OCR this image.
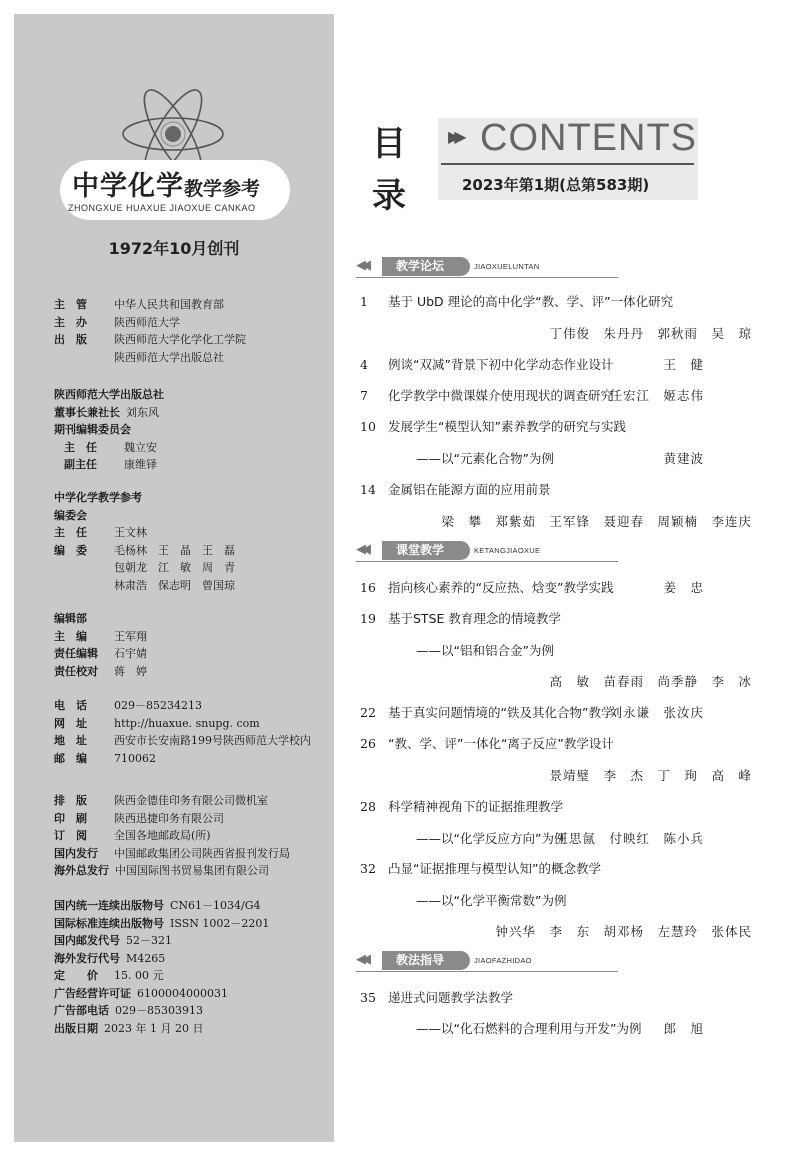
中学化学教学参考
ZHONGXUE HUAXUE JIAOXUE CANKAO
1972年10月创刊
主　管	中华人民共和国教育部
主　办	陕西师范大学
出　版	陕西师范大学化学化工学院
陕西师范大学出版总社
陕西师范大学出版总社
董事长兼社长 刘东风
期刊编辑委员会
主　任	魏立安
副主任	康维铎
中学化学教学参考
编委会
主　任	王文林
编　委	毛杨林　王　晶　王　磊
包朝龙　江　敏　周　青
林肃浩　保志明　曾国琼
编辑部
主　编	王军翔
责任编辑	石宇婧
责任校对	蒋　婷
电　话	029－85234213
网　址	http://huaxue. snupg. com
地　址	西安市长安南路199号陕西师范大学校内
邮　编	710062
排　版	陕西金德佳印务有限公司微机室
印　刷	陕西迅捷印务有限公司
订　阅	全国各地邮政局(所)
国内发行	中国邮政集团公司陕西省报刊发行局
海外总发行 中国国际图书贸易集团有限公司
国内统一连续出版物号 CN61－1034/G4
国际标准连续出版物号 ISSN 1002－2201
国内邮发代号 52－321
海外发行代号 M4265
定　　价	15. 00 元
广告经营许可证 6100004000031
广告部电话 029－85303913
出版日期 2023 年 1 月 20 日
目
录
▶▶ CONTENTS
2023年第1期(总第583期)
◀◀	教学论坛	JIAOXUELUNTAN
◀◀	课堂教学	KETANGJIAOXUE
◀◀	教法指导	JIAOFAZHIDAO
1 基于 UbD 理论的高中化学“教、学、评”一体化研究
丁伟俊　朱丹丹　郭秋雨　吴　琼
4 例谈“双减”背景下初中化学动态作业设计	王　健
7 化学教学中微课媒介使用现状的调查研究
任宏江　姬志伟
10 发展学生“模型认知”素养教学的研究与实践
——以“元素化合物”为例	黄建波
14 金属铝在能源方面的应用前景
梁　攀　郑紫茹　王军锋　聂迎春　周颖楠　李连庆
16 指向核心素养的“反应热、焓变”教学实践	姜　忠
19 基于STSE 教育理念的情境教学
——以“铝和铝合金”为例
高　敏　苗春雨　尚季静　李　冰
22 基于真实问题情境的“铁及其化合物”教学
刘永谦　张汝庆
26 “教、学、评”一体化“离子反应”教学设计
景靖璧　李　杰　丁　珣　高　峰
28 科学精神视角下的证据推理教学
——以“化学反应方向”为例
王思氤　付映红　陈小兵
32 凸显“证据推理与模型认知”的概念教学
——以“化学平衡常数”为例
钟兴华　李　东　胡邓杨　左慧玲　张体民
35 递进式问题教学法教学
——以“化石燃料的合理利用与开发”为例 郎　旭
